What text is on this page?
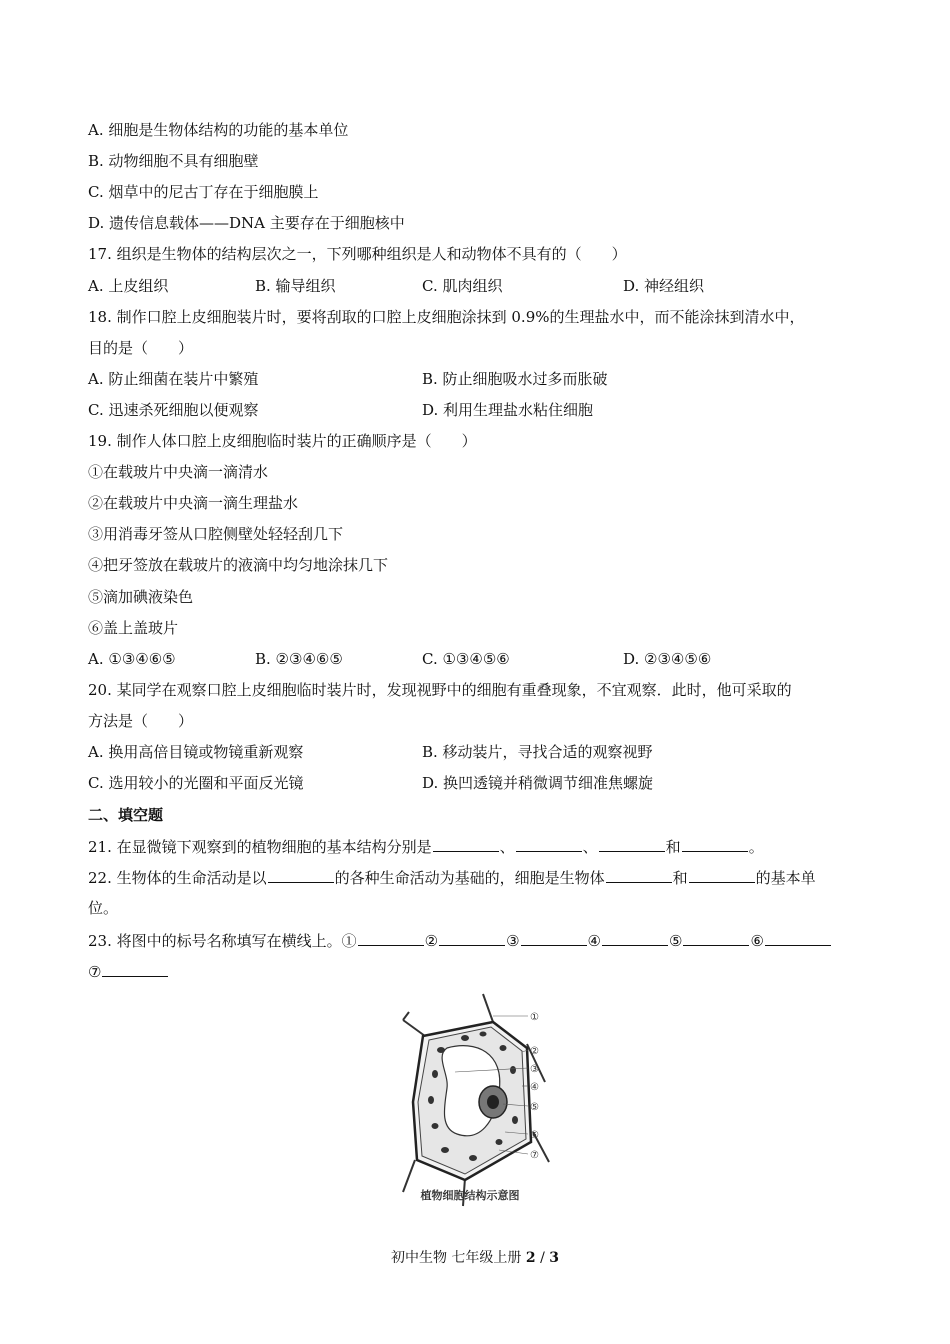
A. 细胞是生物体结构的功能的基本单位
B. 动物细胞不具有细胞壁
C. 烟草中的尼古丁存在于细胞膜上
D. 遗传信息载体——DNA 主要存在于细胞核中
17. 组织是生物体的结构层次之一，下列哪种组织是人和动物体不具有的（　　）
A. 上皮组织	B. 输导组织	C. 肌肉组织	D. 神经组织
18. 制作口腔上皮细胞装片时，要将刮取的口腔上皮细胞涂抹到 0.9%的生理盐水中，而不能涂抹到清水中，
目的是（　　）
A. 防止细菌在装片中繁殖	B. 防止细胞吸水过多而胀破
C. 迅速杀死细胞以便观察	D. 利用生理盐水粘住细胞
19. 制作人体口腔上皮细胞临时装片的正确顺序是（　　）
①在载玻片中央滴一滴清水
②在载玻片中央滴一滴生理盐水
③用消毒牙签从口腔侧壁处轻轻刮几下
④把牙签放在载玻片的液滴中均匀地涂抹几下
⑤滴加碘液染色
⑥盖上盖玻片
A. ①③④⑥⑤	B. ②③④⑥⑤	C. ①③④⑤⑥	D. ②③④⑤⑥
20. 某同学在观察口腔上皮细胞临时装片时，发现视野中的细胞有重叠现象，不宜观察．此时，他可采取的
方法是（　　）
A. 换用高倍目镜或物镜重新观察	B. 移动装片，寻找合适的观察视野
C. 选用较小的光圈和平面反光镜	D. 换凹透镜并稍微调节细准焦螺旋
二、填空题
21. 在显微镜下观察到的植物细胞的基本结构分别是	、	、	和	。
22. 生物体的生命活动是以	的各种生命活动为基础的，细胞是生物体	和	的基本单
位。
23. 将图中的标号名称填写在横线上。①	②	③	④	⑤	⑥
⑦
①
②
③
④
⑤
⑥
⑦
植物细胞结构示意图
初中生物 七年级上册 2 / 3
